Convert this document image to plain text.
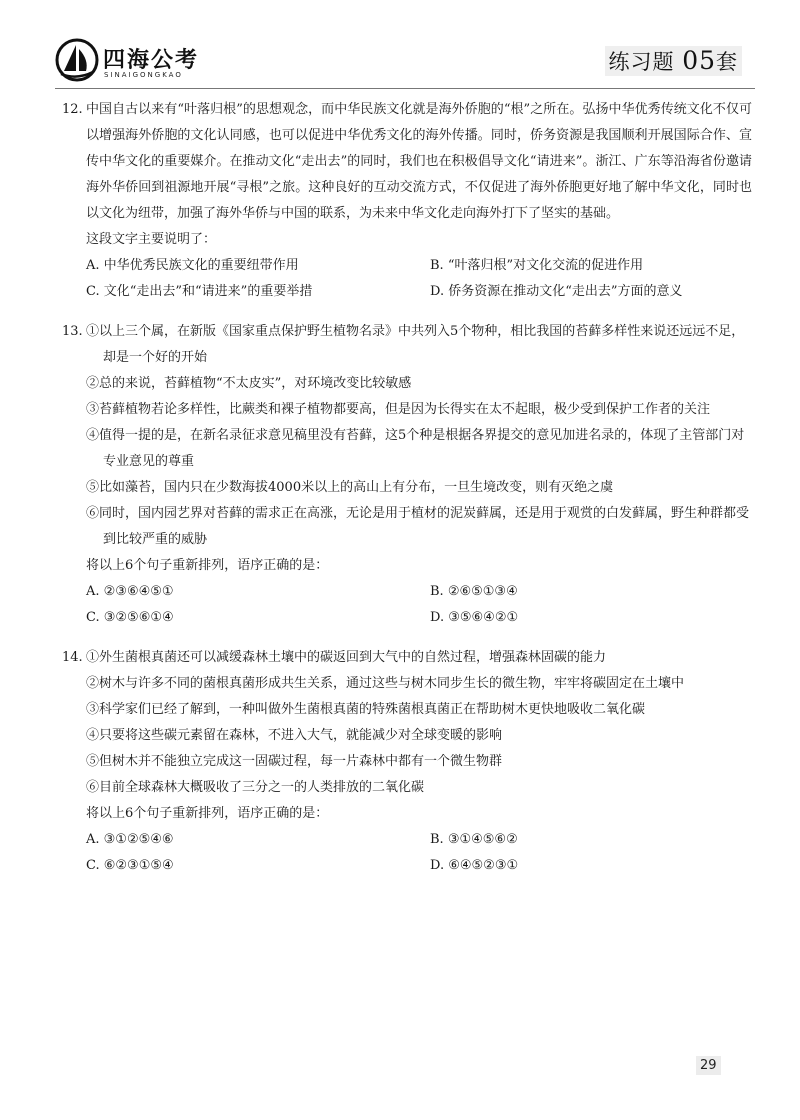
四海公考
SINAIGONGKAO
练习题 05套
12. 中国自古以来有“叶落归根”的思想观念，而中华民族文化就是海外侨胞的“根”之所在。弘扬中华优秀传统文化不仅可以增强海外侨胞的文化认同感，也可以促进中华优秀文化的海外传播。同时，侨务资源是我国顺利开展国际合作、宣传中华文化的重要媒介。在推动文化“走出去”的同时，我们也在积极倡导文化“请进来”。浙江、广东等沿海省份邀请海外华侨回到祖源地开展“寻根”之旅。这种良好的互动交流方式，不仅促进了海外侨胞更好地了解中华文化，同时也以文化为纽带，加强了海外华侨与中国的联系，为未来中华文化走向海外打下了坚实的基础。
这段文字主要说明了：
A. 中华优秀民族文化的重要纽带作用	B. “叶落归根”对文化交流的促进作用
C. 文化“走出去”和“请进来”的重要举措	D. 侨务资源在推动文化“走出去”方面的意义
13. ①以上三个属，在新版《国家重点保护野生植物名录》中共列入5个物种，相比我国的苔藓多样性来说还远远不足，却是一个好的开始
②总的来说，苔藓植物“不太皮实”，对环境改变比较敏感
③苔藓植物若论多样性，比蕨类和裸子植物都要高，但是因为长得实在太不起眼，极少受到保护工作者的关注
④值得一提的是，在新名录征求意见稿里没有苔藓，这5个种是根据各界提交的意见加进名录的，体现了主管部门对专业意见的尊重
⑤比如藻苔，国内只在少数海拔4000米以上的高山上有分布，一旦生境改变，则有灭绝之虞
⑥同时，国内园艺界对苔藓的需求正在高涨，无论是用于植材的泥炭藓属，还是用于观赏的白发藓属，野生种群都受到比较严重的威胁
将以上6个句子重新排列，语序正确的是：
A. ②③⑥④⑤①	B. ②⑥⑤①③④
C. ③②⑤⑥①④	D. ③⑤⑥④②①
14. ①外生菌根真菌还可以减缓森林土壤中的碳返回到大气中的自然过程，增强森林固碳的能力
②树木与许多不同的菌根真菌形成共生关系，通过这些与树木同步生长的微生物，牢牢将碳固定在土壤中
③科学家们已经了解到，一种叫做外生菌根真菌的特殊菌根真菌正在帮助树木更快地吸收二氧化碳
④只要将这些碳元素留在森林，不进入大气，就能减少对全球变暖的影响
⑤但树木并不能独立完成这一固碳过程，每一片森林中都有一个微生物群
⑥目前全球森林大概吸收了三分之一的人类排放的二氧化碳
将以上6个句子重新排列，语序正确的是：
A. ③①②⑤④⑥	B. ③①④⑤⑥②
C. ⑥②③①⑤④	D. ⑥④⑤②③①
29
